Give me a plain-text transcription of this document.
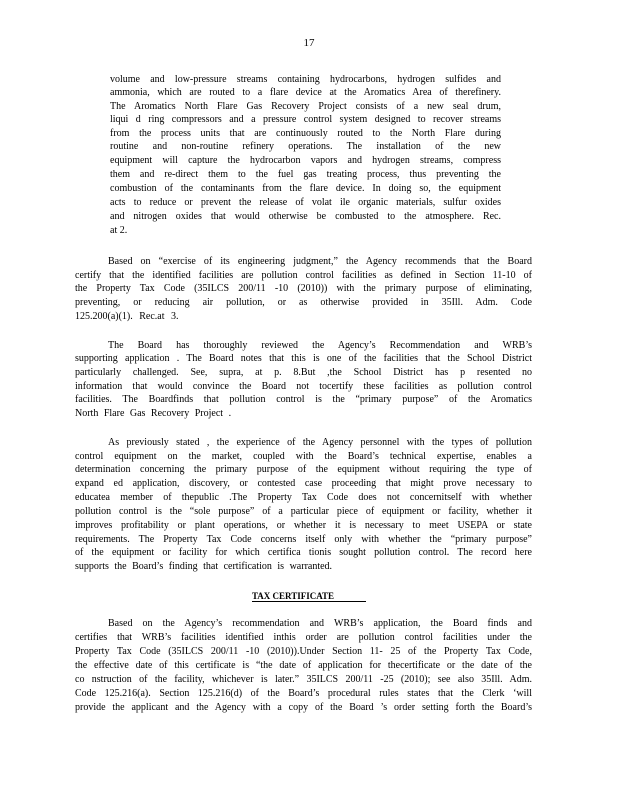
17
volume and low-pressure streams containing hydrocarbons, hydrogen sulfides and
ammonia, which are routed to a flare device at the Aromatics Area of therefinery.
The Aromatics North Flare Gas Recovery Project consists of a new seal drum,
liqui d ring compressors and a pressure control system designed to recover streams
from the process units that are continuously routed to the North Flare during
routine and non-routine refinery operations. The installation of the new
equipment will capture the hydrocarbon vapors and hydrogen streams, compress
them and re-direct them to the fuel gas treating process, thus preventing the
combustion of the contaminants from the flare device. In doing so, the equipment
acts to reduce or prevent the release of volat ile organic materials, sulfur oxides
and nitrogen oxides that would otherwise be combusted to the atmosphere. Rec.
at 2.
Based on “exercise of its engineering judgment,” the Agency recommends that the Board
certify that the identified facilities are pollution control facilities as defined in Section 11-10 of
the Property Tax Code (35ILCS 200/11 -10 (2010)) with the primary purpose of eliminating,
preventing, or reducing air pollution, or as otherwise provided in 35Ill. Adm. Code
125.200(a)(1). Rec.at 3.
The Board has thoroughly reviewed the Agency’s Recommendation and WRB’s
supporting application . The Board notes that this is one of the facilities that the School District
particularly challenged. See, supra, at p. 8.But ,the School District has p resented no
information that would convince the Board not tocertify these facilities as pollution control
facilities. The Boardfinds that pollution control is the “primary purpose” of the Aromatics
North Flare Gas Recovery Project .
As previously stated , the experience of the Agency personnel with the types of pollution
control equipment on the market, coupled with the Board’s technical expertise, enables a
determination concerning the primary purpose of the equipment without requiring the type of
expand ed application, discovery, or contested case proceeding that might prove necessary to
educatea member of thepublic .The Property Tax Code does not concernitself with whether
pollution control is the “sole purpose” of a particular piece of equipment or facility, whether it
improves profitability or plant operations, or whether it is necessary to meet USEPA or state
requirements. The Property Tax Code concerns itself only with whether the “primary purpose”
of the equipment or facility for which certifica tionis sought pollution control. The record here
supports the Board’s finding that certification is warranted.
TAX CERTIFICATE
Based on the Agency’s recommendation and WRB’s application, the Board finds and
certifies that WRB’s facilities identified inthis order are pollution control facilities under the
Property Tax Code (35ILCS 200/11 -10 (2010)).Under Section 11- 25 of the Property Tax Code,
the effective date of this certificate is “the date of application for thecertificate or the date of the
co nstruction of the facility, whichever is later.” 35ILCS 200/11 -25 (2010); see also 35Ill. Adm.
Code 125.216(a). Section 125.216(d) of the Board’s procedural rules states that the Clerk ‘will
provide the applicant and the Agency with a copy of the Board ’s order setting forth the Board’s
